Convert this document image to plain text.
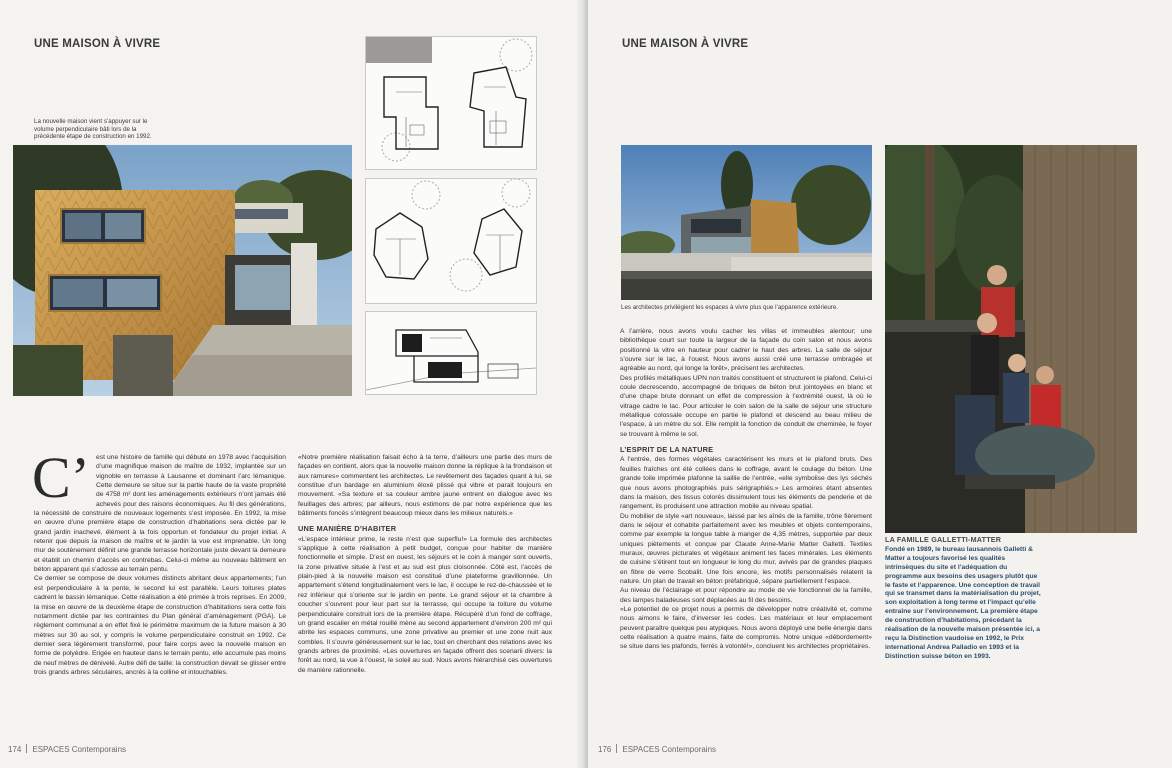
UNE MAISON À VIVRE
La nouvelle maison vient s’appuyer sur le volume perpendiculaire bâti lors de la précédente étape de construction en 1992.
C’ est une histoire de famille qui débute en 1978 avec l’acquisition d’une magnifique maison de maître de 1932, implantée sur un vignoble en terrasse à Lausanne et dominant l’arc lémanique. Cette demeure se situe sur la partie haute de la vaste propriété de 4758 m² dont les aménagements extérieurs n’ont jamais été achevés pour des raisons économiques. Au fil des générations, la nécessité de construire de nouveaux logements s’est imposée. En 1992, la mise en œuvre d’une première étape de construction d’habitations sera dictée par le grand jardin inachevé, élément à la fois opportun et fondateur du projet initial. A retenir que depuis la maison de maître et le jardin la vue est imprenable. Un long mur de soutènement définit une grande terrasse horizontale juste devant la demeure et établit un chemin d’accès en contrebas. Celui-ci même au nouveau bâtiment en béton apparent qui s’adosse au terrain pentu.

Ce dernier se compose de deux volumes distincts abritant deux appartements; l’un est perpendiculaire à la pente, le second lui est parallèle. Leurs toitures plates cadrent le bassin lémanique. Cette réalisation a été primée à trois reprises. En 2009, la mise en œuvre de la deuxième étape de construction d’habitations sera cette fois notamment dictée par les contraintes du Plan général d’aménagement (PGA). Le règlement communal a en effet fixé le périmètre maximum de la future maison à 30 mètres sur 30 au sol, y compris le volume perpendiculaire construit en 1992. Ce dernier sera légèrement transformé, pour faire corps avec la nouvelle maison en forme de polyèdre. Erigée en hauteur dans le terrain pentu, elle accumule pas moins de neuf mètres de dénivelé. Autre défi de taille: la construction devait se glisser entre trois grands arbres séculaires, ancrés à la colline et intouchables.

«Notre première réalisation faisait écho à la terre, d’ailleurs une partie des murs de façades en contient, alors que la nouvelle maison donne la réplique à la frondaison et aux ramures» commentent les architectes. Le revêtement des façades quant à lui, se constitue d’un bardage en aluminium éloxé plissé qui vibre et parait toujours en mouvement. «Sa texture et sa couleur ambre jaune entrent en dialogue avec les feuillages des arbres; par ailleurs, nous estimons de par notre expérience que les bâtiments foncés s’intègrent beaucoup mieux dans les milieux naturels.»

UNE MANIÈRE D’HABITER

«L’espace intérieur prime, le reste n’est que superflu!» La formule des architectes s’applique à cette réalisation à petit budget, conçue pour habiter de manière fonctionnelle et simple. D’est en ouest, les séjours et le coin à manger sont ouverts, la zone privative située à l’est et au sud est plus cloisonnée. Côté est, l’accès de plain-pied à la nouvelle maison est constitué d’une plateforme gravillonnée. Un appartement s’étend longitudinalement vers le lac, il occupe le rez-de-chaussée et le rez inférieur qui s’oriente sur le jardin en pente. Le grand séjour et la chambre à coucher s’ouvrent pour leur part sur la terrasse, qui occupe la toiture du volume perpendiculaire construit lors de la première étape. Récupéré d’un fond de coffrage, un grand escalier en métal rouillé mène au second appartement d’environ 200 m² qui abrite les espaces communs, une zone privative au premier et une zone nuit aux combles. Il s’ouvre généreusement sur le lac, tout en cherchant des relations avec les grands arbres de proximité. «Les ouvertures en façade offrent des scenarii divers: la forêt au nord, la vue à l’ouest, le soleil au sud. Nous avons hiérarchisé ces ouvertures de manière rationnelle.

174 ESPACES Contemporains
UNE MAISON À VIVRE
Les architectes privilégient les espaces à vivre plus que l’apparence extérieure.
LA FAMILLE GALLETTI-MATTER
Fondé en 1989, le bureau lausannois Galletti & Matter a toujours favorisé les qualités intrinsèques du site et l’adéquation du programme aux besoins des usagers plutôt que le faste et l’apparence. Une conception de travail qui se transmet dans la matérialisation du projet, son exploitation à long terme et l’impact qu’elle entraîne sur l’environnement. La première étape de construction d’habitations, précédant la réalisation de la nouvelle maison présentée ici, a reçu la Distinction vaudoise en 1992, le Prix international Andrea Palladio en 1993 et la Distinction suisse béton en 1993.

A l’arrière, nous avons voulu cacher les villas et immeubles alentour; une bibliothèque court sur toute la largeur de la façade du coin salon et nous avons positionné la vitre en hauteur pour cadrer le haut des arbres. La salle de séjour s’ouvre sur le lac, à l’ouest. Nous avons aussi créé une terrasse ombragée et agréable au nord, qui longe la forêt», précisent les architectes.

Des profilés métalliques UPN non traités constituent et structurent le plafond. Celui-ci coule decrescendo, accompagné de briques de béton brut jointoyées en blanc et d’une chape brute donnant un effet de compression à l’extrémité ouest, là où le vitrage cadre le lac. Pour articuler le coin salon de la salle de séjour une structure métallique colossale occupe en partie le plafond et descend au beau milieu de l’espace, à un mètre du sol. Elle remplit la fonction de conduit de cheminée, le foyer se trouvant à même le sol.

L’ESPRIT DE LA NATURE

A l’entrée, des formes végétales caractérisent les murs et le plafond bruts. Des feuilles fraîches ont été collées dans le coffrage, avant le coulage du béton. Une grande toile imprimée plafonne la saillie de l’entrée, «elle symbolise des lys séchés que nous avons photographiés puis sérigraphiés.» Les armoires étant absentes dans la maison, des tissus colorés dissimulent tous les éléments de penderie et de rangement, ils produisent une attraction mobile au niveau spatial.

Du mobilier de style «art nouveau», laissé par les aînés de la famille, trône fièrement dans le séjour et cohabite parfaitement avec les meubles et objets contemporains, comme par exemple la longue table à manger de 4,35 mètres, supportée par deux uniques piètements et conçue par Claude Anne-Marie Matter Galletti. Textiles muraux, œuvres picturales et végétaux animent les faces minérales. Les éléments de cuisine s’étirent tout en longueur le long du mur, avivés par de grandes plaques en fibre de verre Scobalit. Une fois encore, les motifs personnalisés relatent la nature. Un plan de travail en béton préfabriqué, sépare partiellement l’espace.

Au niveau de l’éclairage et pour répondre au mode de vie fonctionnel de la famille, des lampes baladeuses sont déplacées au fil des besoins.

«Le potentiel de ce projet nous a permis de développer notre créativité et, comme nous aimons le faire, d’inverser les codes. Les matériaux et leur emplacement peuvent paraître quelque peu atypiques. Nous avons déployé une belle énergie dans cette réalisation à quatre mains, faite de compromis. Notre unique «débordement» se situe dans les plafonds, ferrés à volonté!», concluent les architectes propriétaires.

176 ESPACES Contemporains
